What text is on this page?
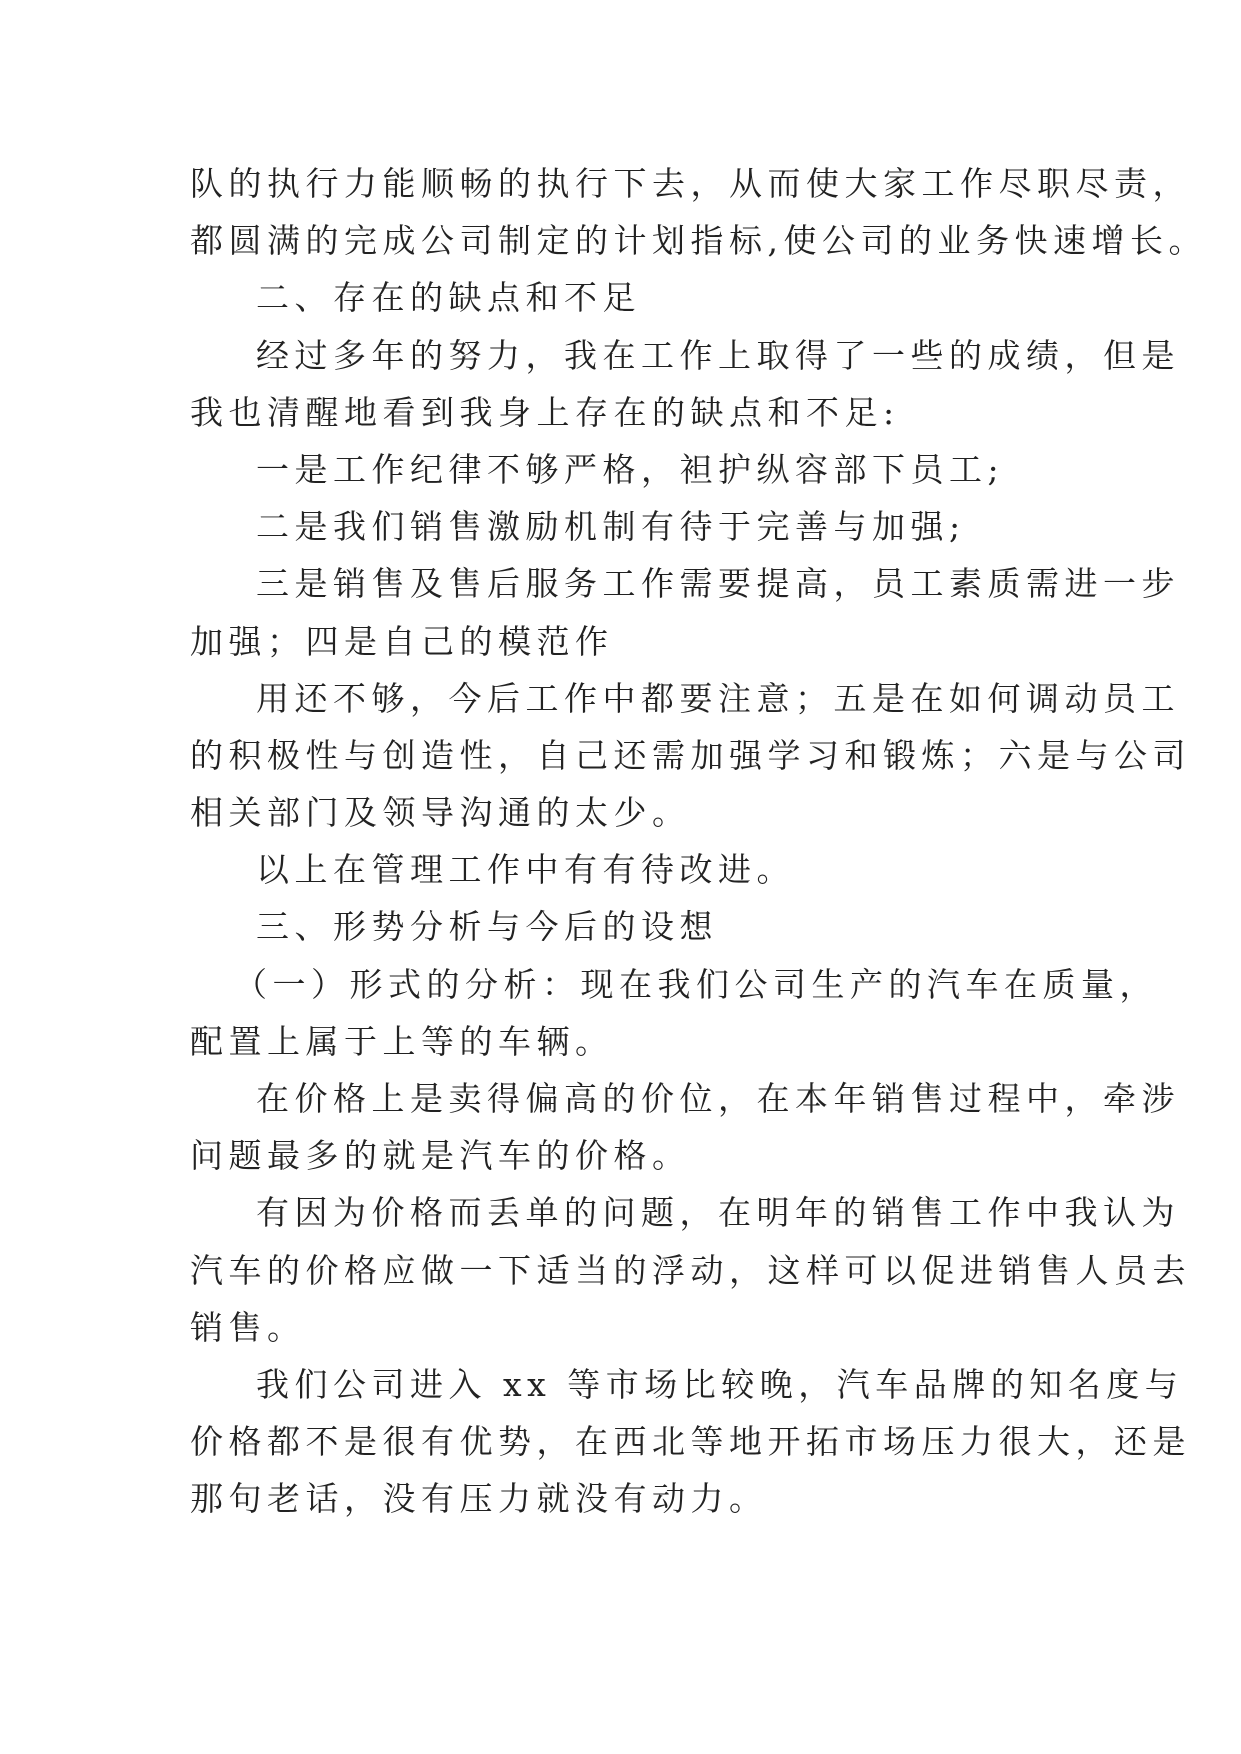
队的执行力能顺畅的执行下去，从而使大家工作尽职尽责，
都圆满的完成公司制定的计划指标,使公司的业务快速增长。
二、存在的缺点和不足
经过多年的努力，我在工作上取得了一些的成绩，但是
我也清醒地看到我身上存在的缺点和不足:
一是工作纪律不够严格，袒护纵容部下员工;
二是我们销售激励机制有待于完善与加强;
三是销售及售后服务工作需要提高，员工素质需进一步
加强；四是自己的模范作
用还不够，今后工作中都要注意；五是在如何调动员工
的积极性与创造性，自己还需加强学习和锻炼；六是与公司
相关部门及领导沟通的太少。
以上在管理工作中有有待改进。
三、形势分析与今后的设想
（一）形式的分析：现在我们公司生产的汽车在质量，
配置上属于上等的车辆。
在价格上是卖得偏高的价位，在本年销售过程中，牵涉
问题最多的就是汽车的价格。
有因为价格而丢单的问题，在明年的销售工作中我认为
汽车的价格应做一下适当的浮动，这样可以促进销售人员去
销售。
我们公司进入 xx 等市场比较晚，汽车品牌的知名度与
价格都不是很有优势，在西北等地开拓市场压力很大，还是
那句老话，没有压力就没有动力。
